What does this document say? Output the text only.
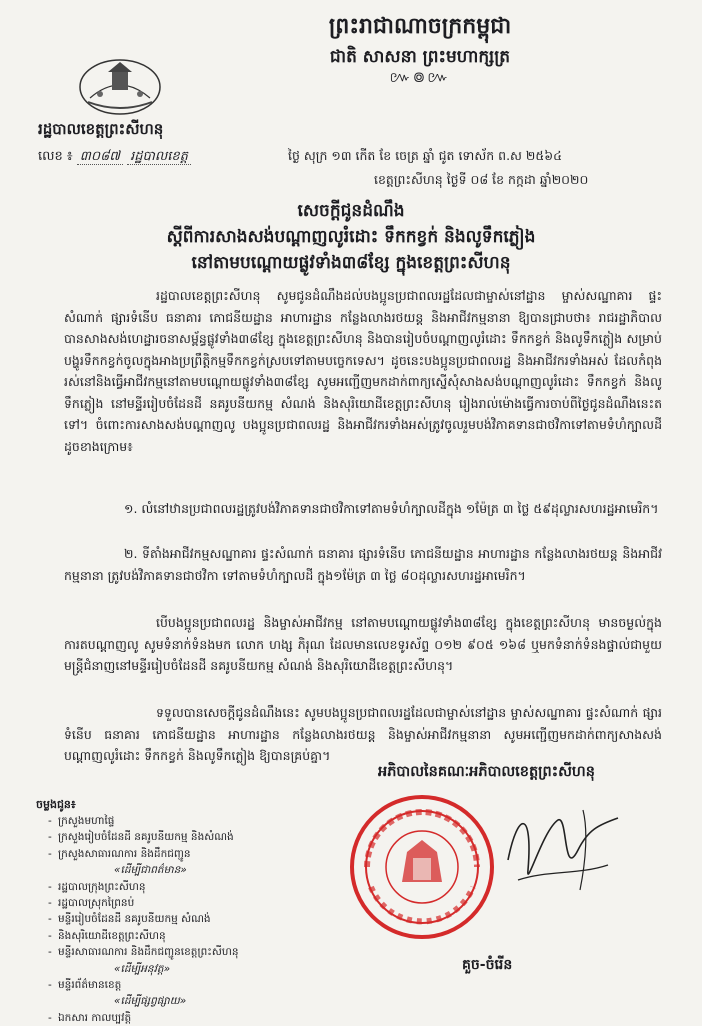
ព្រះរាជាណាចក្រកម្ពុជា
ជាតិ សាសនា ព្រះមហាក្សត្រ
៚៙៚
រដ្ឋបាលខេត្តព្រះសីហនុ
លេខ ៖ ៣០៨៧ រដ្ឋបាលខេត្ត	ថ្ងៃ សុក្រ ១៣ កើត ខែ ចេត្រ ឆ្នាំ ជូត ទោស័ក ព.ស ២៥៦៤
ខេត្តព្រះសីហនុ ថ្ងៃទី ០៨ ខែ កក្កដា ឆ្នាំ២០២០
សេចក្តីជូនដំណឹង
ស្តីពីការសាងសង់បណ្តាញលូរំដោះ ទឹកកខ្វក់ និងលូទឹកភ្លៀង
នៅតាមបណ្តោយផ្លូវទាំង៣៨ខ្សែ ក្នុងខេត្តព្រះសីហនុ
រដ្ឋបាលខេត្តព្រះសីហនុ សូមជូនដំណឹងដល់បងប្អូនប្រជាពលរដ្ឋដែលជាម្ចាស់នៅដ្ឋាន ម្ចាស់សណ្ឋាគារ ផ្ទះសំណាក់ ផ្សារទំនើប ធនាគារ ភោជនីយដ្ឋាន អាហារដ្ឋាន កន្លែងលាងរថយន្ត និងអាជីវកម្មនានា ឱ្យបានជ្រាបថា៖ រាជរដ្ឋាភិបាលបានសាងសង់ហេដ្ឋារចនាសម្ព័ន្ធផ្លូវទាំង៣៨ខ្សែ ក្នុងខេត្តព្រះសីហនុ និងបានរៀបចំបណ្តាញលូរំដោះ ទឹកកខ្វក់ និងលូទឹកភ្លៀង សម្រាប់បង្ហូរទឹកកខ្វក់ចូលក្នុងអាងប្រព្រឹត្តិកម្មទឹកកខ្វក់ស្របទៅតាមបច្ចេកទេស។ ដូចនេះបងប្អូនប្រជាពលរដ្ឋ និងអាជីវករទាំងអស់ ដែលកំពុងរស់នៅនិងធ្វើអាជីវកម្មនៅតាមបណ្តោយផ្លូវទាំង៣៨ខ្សែ សូមអញ្ជើញមកដាក់ពាក្យស្នើសុំសាងសង់បណ្តាញលូរំដោះ ទឹកកខ្វក់ និងលូទឹកភ្លៀង នៅមន្ទីររៀបចំដែនដី នគរូបនីយកម្ម សំណង់ និងសុរិយោដីខេត្តព្រះសីហនុ រៀងរាល់ម៉ោងធ្វើការចាប់ពីថ្ងៃជូនដំណឹងនេះតទៅ។ ចំពោះការសាងសង់បណ្តាញលូ បងប្អូនប្រជាពលរដ្ឋ និងអាជីវករទាំងអស់ត្រូវចូលរួមបង់វិភាគទានជាថវិកាទៅតាមទំហំក្បាលដីដូចខាងក្រោម៖
១. លំនៅឋានប្រជាពលរដ្ឋត្រូវបង់វិភាគទានជាថវិកាទៅតាមទំហំក្បាលដីក្នុង ១ម៉ែត្រ ៣ ថ្លៃ ៥៩ដុល្លារសហរដ្ឋអាមេរិក។
២. ទីតាំងអាជីវកម្មសណ្ឋាគារ ផ្ទះសំណាក់ ធនាគារ ផ្សារទំនើប ភោជនីយដ្ឋាន អាហារដ្ឋាន កន្លែងលាងរថយន្ត និងអាជីវកម្មនានា ត្រូវបង់វិភាគទានជាថវិកា ទៅតាមទំហំក្បាលដី ក្នុង១ម៉ែត្រ ៣ ថ្លៃ ៨០ដុល្លារសហរដ្ឋអាមេរិក។
បើបងប្អូនប្រជាពលរដ្ឋ និងម្ចាស់អាជីវកម្ម នៅតាមបណ្តោយផ្លូវទាំង៣៨ខ្សែ ក្នុងខេត្តព្រះសីហនុ មានចម្ងល់ក្នុងការតបណ្តាញលូ សូមទំនាក់ទំនងមក លោក ហង្ស ភិរុណ ដែលមានលេខទូរស័ព្ទ ០១២ ៩០៥ ១៦៨ ឬមកទំនាក់ទំនងផ្ទាល់ជាមួយមន្ត្រីជំនាញនៅមន្ទីររៀបចំដែនដី នគរូបនីយកម្ម សំណង់ និងសុរិយោដីខេត្តព្រះសីហនុ។
ទទួលបានសេចក្តីជូនដំណឹងនេះ សូមបងប្អូនប្រជាពលរដ្ឋដែលជាម្ចាស់នៅដ្ឋាន ម្ចាស់សណ្ឋាគារ ផ្ទះសំណាក់ ផ្សារទំនើប ធនាគារ ភោជនីយដ្ឋាន អាហារដ្ឋាន កន្លែងលាងរថយន្ត និងម្ចាស់អាជីវកម្មនានា សូមអញ្ជើញមកដាក់ពាក្យសាងសង់បណ្តាញលូរំដោះ ទឹកកខ្វក់ និងលូទឹកភ្លៀង ឱ្យបានគ្រប់គ្នា។
អភិបាលនៃគណៈអភិបាលខេត្តព្រះសីហនុ
គួច-ចំរើន
ចម្លងជូន៖
- ក្រសួងមហាផ្ទៃ
- ក្រសួងរៀបចំដែនដី នគរូបនីយកម្ម និងសំណង់
- ក្រសួងសាធារណការ និងដឹកជញ្ជូន
«ដើម្បីជាពត៌មាន»
- រដ្ឋបាលក្រុងព្រះសីហនុ
- រដ្ឋបាលស្រុកព្រៃនប់
- មន្ទីររៀបចំដែនដី នគរូបនីយកម្ម សំណង់
- និងសុរិយោដីខេត្តព្រះសីហនុ
- មន្ទីរសាធារណការ និងដឹកជញ្ជូនខេត្តព្រះសីហនុ
«ដើម្បីអនុវត្ត»
- មន្ទីរព័ត៌មានខេត្ត
«ដើម្បីផ្សព្វផ្សាយ»
- ឯកសារ កាលប្បវត្តិ
